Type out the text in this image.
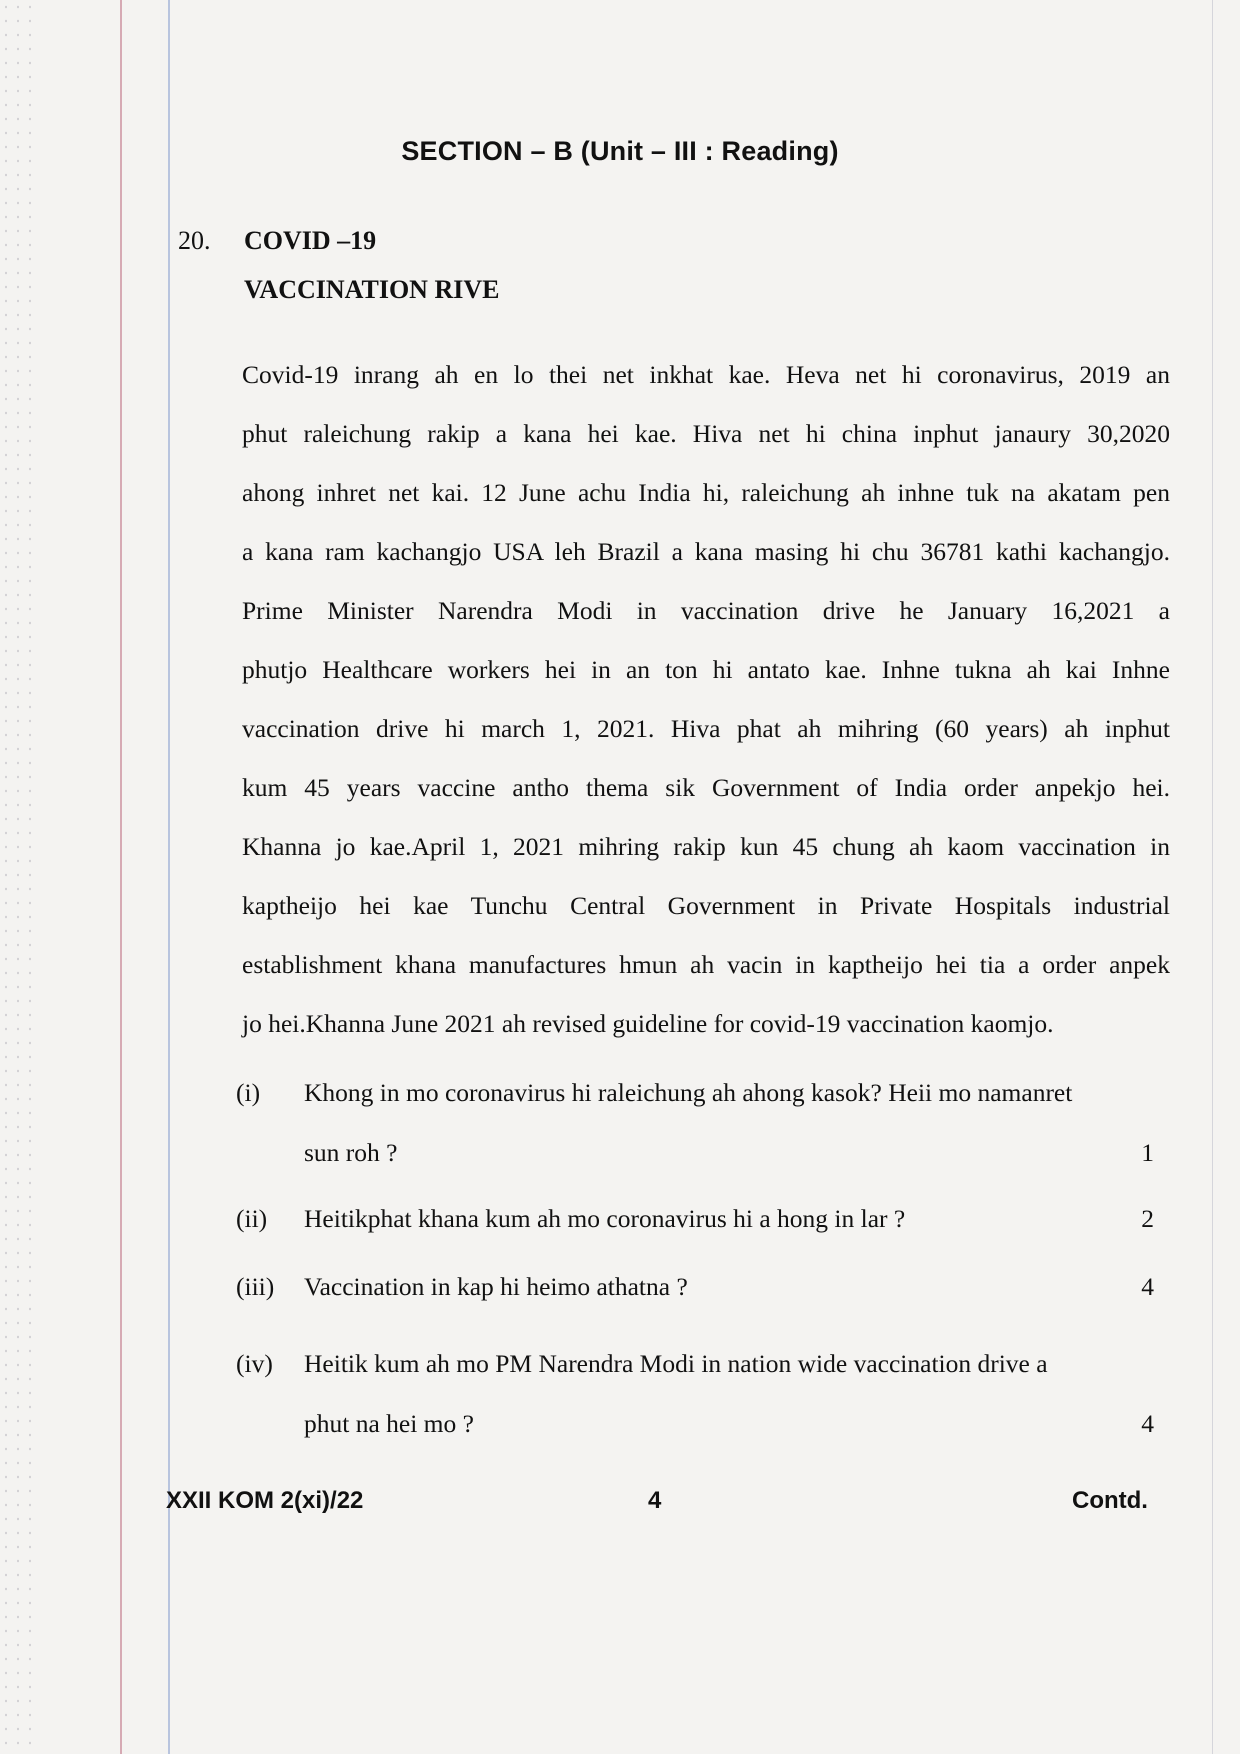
SECTION – B (Unit – III : Reading)
20. COVID –19
VACCINATION RIVE
Covid-19 inrang ah en lo thei net inkhat kae. Heva net hi coronavirus, 2019 an
phut raleichung rakip a kana hei kae. Hiva net hi china inphut janaury 30,2020
ahong inhret net kai. 12 June achu India hi, raleichung ah inhne tuk na akatam pen
a kana ram kachangjo USA leh Brazil a kana masing hi chu 36781 kathi kachangjo.
Prime Minister Narendra Modi in vaccination drive he January 16,2021 a
phutjo Healthcare workers hei in an ton hi antato kae. Inhne tukna ah kai Inhne
vaccination drive hi march 1, 2021. Hiva phat ah mihring (60 years) ah inphut
kum 45 years vaccine antho thema sik Government of India order anpekjo hei.
Khanna jo kae.April 1, 2021 mihring rakip kun 45 chung ah kaom vaccination in
kaptheijo hei kae Tunchu Central Government in Private Hospitals industrial
establishment khana manufactures hmun ah vacin in kaptheijo hei tia a order anpek
jo hei.Khanna June 2021 ah revised guideline for covid-19 vaccination kaomjo.
(i) Khong in mo coronavirus hi raleichung ah ahong kasok? Heii mo namanret
sun roh ?	1
(ii) Heitikphat khana kum ah mo coronavirus hi a hong in lar ?	2
(iii) Vaccination in kap hi heimo athatna ?	4
(iv) Heitik kum ah mo PM Narendra Modi in nation wide vaccination drive a
phut na hei mo ?	4
XXII KOM 2(xi)/22	4	Contd.
